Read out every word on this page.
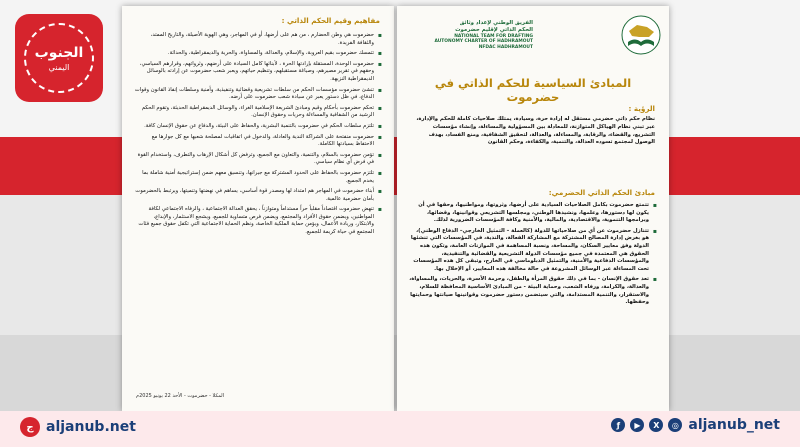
الجنوب
اليمني
مفاهيم وقيم الحكم الذاتي :
▪ حضرموت هي وطن الحضارم ، من هم على أرضها، أو في المهاجر، وهي الهوية الأصيلة، والتاريخ الممتد، والثقافة الفريدة.
▪ تتمسك حضرموت بقيم العروبة، والإسلام، والعدالة، والمساواة، والحرية والديمقراطية، والحداثة.
▪ حضرموت الوحدة، المستقلة بإرادتها الحرة ، لأبنائها كامل السيادة على أرضهم، وثرواتهم، وقرارهم السياسي، وحقهم في تقرير مصيرهم، وصياغة مستقبلهم، وتنظيم حياتهم، ويعبر شعب حضرموت عن إرادته بالوسائل الديمقراطية النزيهة.
▪ تنشئ حضرموت مؤسسات الحكم من سلطات تشريعية وقضائية وتنفيذية، وأمنية وسلطات إنفاذ القانون وقوات الدفاع، في ظل دستور يعبر عن سيادة شعب حضرموت على أرضه.
▪ تحكم حضرموت بأحكام وقيم ومبادئ الشريعة الإسلامية الغراء، والوسائل الديمقراطية الحديثة، وتقوم الحكم الرشيد من الشفافية والمساءلة وحريات وحقوق الإنسان.
▪ تلتزم سلطات الحكم في حضرموت بالتنمية البشرية، والحفاظ على البيئة، والدفاع عن حقوق الإنسان كافة.
▪ حضرموت منفتحة على الشراكة الندية والعادلة، والدخول في اتفاقيات لمصلحة شعبها مع كل جوارها مع الاحتفاظ بسيادتها الكاملة.
▪ تؤمن حضرموت بالسلام، والتنمية، والتعاون مع الجميع، وترفض كل أشكال الإرهاب والتطرف، واستخدام القوة في فرض أي نظام سياسي.
▪ تلتزم حضرموت بالحفاظ على الحدود المشتركة مع جيرانها، وتنسيق معهم ضمن إستراتيجية أمنية شاملة بما يخدم الجميع.
▪ أبناء حضرموت في المهاجر هم امتداد لها ومصدر قوة أساسي، يساهم في نهضتها وتنميتها، ويرتبط بالحضرموت بأمان حضرمية عالمية.
▪ تنهض حضرموت اقتصاداً مقلباً حراً مستداماً ومتوازناً ، يحقق العدالة الاجتماعية ، والرفاه الاجتماعي لكافة المواطنين، ويضمن حقوق الأفراد والمجتمع، ويضمن فرص متساوية للجميع، ويشجع الاستثمار، والإبداع، والابتكار، وريادة الأعمال، ويؤمن حماية الملكية الخاصة، ونظم الحماية الاجتماعية التي تكفل حقوق جميع فئات المجتمع في حياة كريمة للجميع.
المكلا - حضرموت - الأحد 22 يونيو 2025م
الفريق الوطني لإعداد وثائق
الحكم الذاتي لإقليم حضرموت
NATIONAL TEAM FOR DRAFTING
AUTONOMY CHARTER OF HADHRAMOUT
NFDAC HADHRAMOUT
المبادئ السياسية للحكم الذاتي في حضرموت
الرؤية :
نظام حكم ذاتي حضرمي مستقل له إرادة حرة، وسيادة، يمتلك صلاحيات كاملة للحكم والإدارة، عبر تبني نظام الهياكل المتوازنة، للمعادلة بين المسؤولية والمساءلة، وإنشاء مؤسسات التشريع، والقضاء، والرقابة، والمساءلة، والعدالة، لتحقيق الشفافية، ومنع الفساد، بهدف الوصول لمجتمع تسوده العدالة، والتنمية، والكفاءة، وحكم القانون
مبادئ الحكم الذاتي الحضرمي:
▪ تتمتع حضرموت بكامل الصلاحيات السيادية على أرضها، وثروتها، ومواطنيها، وحقها في أن يكون لها دستورها، وعلمها، ونشيدها الوطني، ومجلسها التشريعي وقوانينها، وقضائها، وبرامجها التنموية، والاقتصادية، والمالية، والأمنية وكافة المؤسسات الضرورية لذلك.
▪ تتنازل حضرموت عن أي من صلاحياتها للدولة (كالعملة – التمثيل الخارجي– الدفاع الوطني)، هو بغرض إدارة المصالح المشتركة مع المشاركة الفعالة، والندية، في المؤسسات التي تنشئها الدولة وفق معايير السكان، والمساحة، ونسبة المساهمة في الموازنات العامة، وتكون هذه الحقوق هي المعتمدة في جميع مؤسسات الدولة التشريعية والقضائية والتنفيذية، والمؤسسات الدفاعية والأمنية، والتمثيل الدبلوماسي في الخارج، وتبقى كل هذه المؤسسات تحت المساءلة عبر الوسائل المشروعة في حالة مخالفة هذه المعايير، أو الإخلال بها.
▪ تعد حقوق الإنسان - بما في ذلك حقوق المرأة والطفل، وحرمة الأسرة، والحريات، والمساواة، والعدالة، والكرامة، ورفاه الشعب، وحماية البيئة - من المبادئ الأساسية المحافظة للسلام، والاستقرار، والتنمية المستدامة، والتي سيتضمن دستور حضرموت وقوانينها صيانتها وحمايتها وحفظها.
ج aljanub.net	ƒ	▶	X	◎ aljanub_net
